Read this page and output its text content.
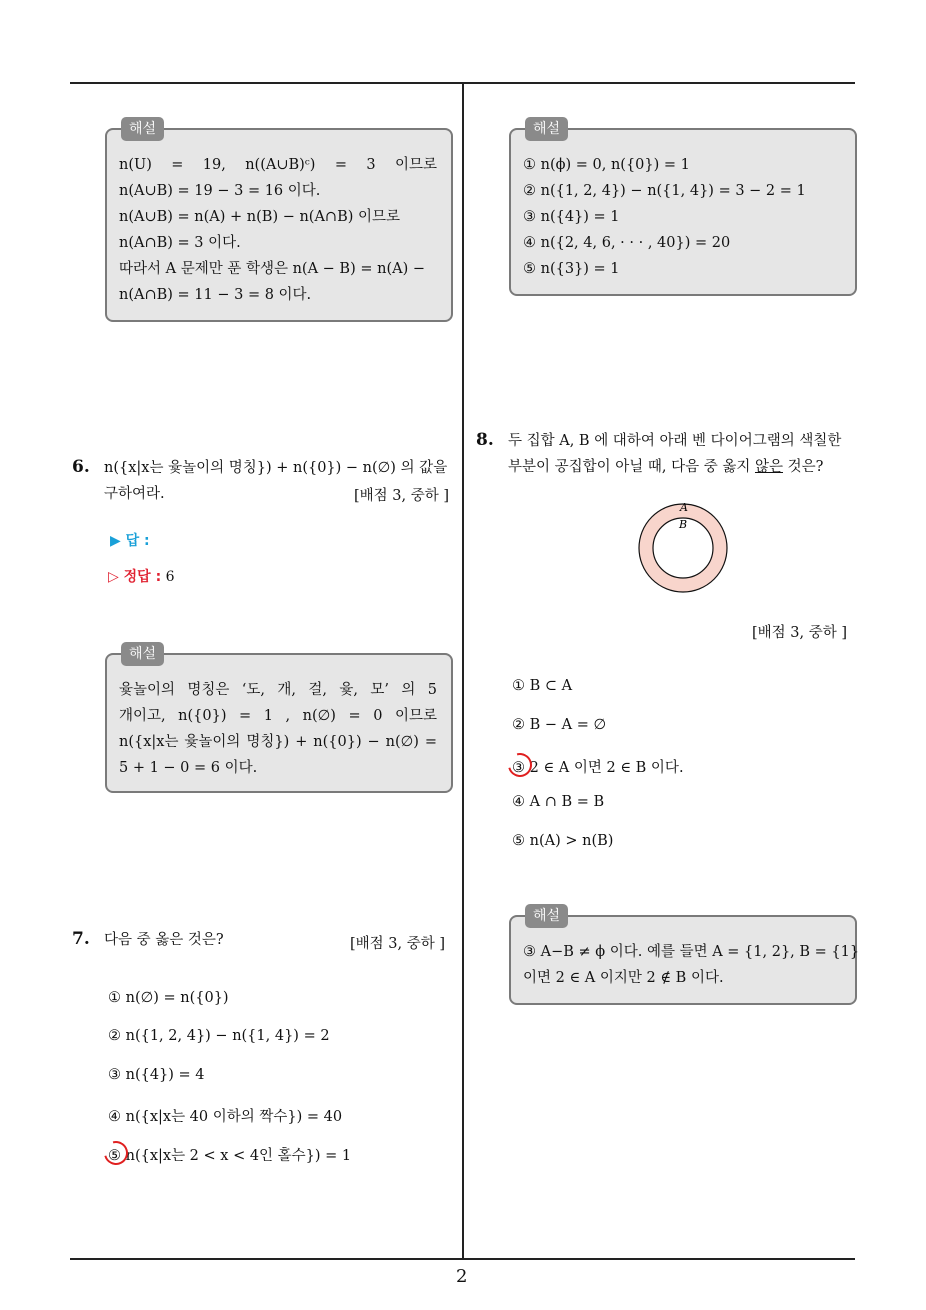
해설
n(U) = 19, n((A∪B)ᶜ) = 3 이므로
n(A∪B) = 19 − 3 = 16 이다.
n(A∪B) = n(A) + n(B) − n(A∩B) 이므로
n(A∩B) = 3 이다.
따라서 A 문제만 푼 학생은 n(A − B) = n(A) −
n(A∩B) = 11 − 3 = 8 이다.
6. n({x|x는 윷놀이의 명칭}) + n({0}) − n(∅) 의 값을
구하여라.	[배점 3, 중하 ]
▶ 답 :
▷ 정답 : 6
해설
윷놀이의 명칭은 ‘도, 개, 걸, 윷, 모’ 의 5
개이고, n({0}) = 1 , n(∅) = 0 이므로
n({x|x는 윷놀이의 명칭}) + n({0}) − n(∅) =
5 + 1 − 0 = 6 이다.
7. 다음 중 옳은 것은?	[배점 3, 중하 ]
① n(∅) = n({0})
② n({1, 2, 4}) − n({1, 4}) = 2
③ n({4}) = 4
④ n({x|x는 40 이하의 짝수}) = 40
⑤ n({x|x는 2 < x < 4인 홀수}) = 1
해설
① n(ϕ) = 0, n({0}) = 1
② n({1, 2, 4}) − n({1, 4}) = 3 − 2 = 1
③ n({4}) = 1
④ n({2, 4, 6, · · · , 40}) = 20
⑤ n({3}) = 1
8. 두 집합 A, B 에 대하여 아래 벤 다이어그램의 색칠한
부분이 공집합이 아닐 때, 다음 중 옳지 않은 것은?
A
B
[배점 3, 중하 ]
① B ⊂ A
② B − A = ∅
③ 2 ∈ A 이면 2 ∈ B 이다.
④ A ∩ B = B
⑤ n(A) > n(B)
해설
③ A−B ≠ ϕ 이다. 예를 들면 A = {1, 2}, B = {1}
이면 2 ∈ A 이지만 2 ∉ B 이다.
2
